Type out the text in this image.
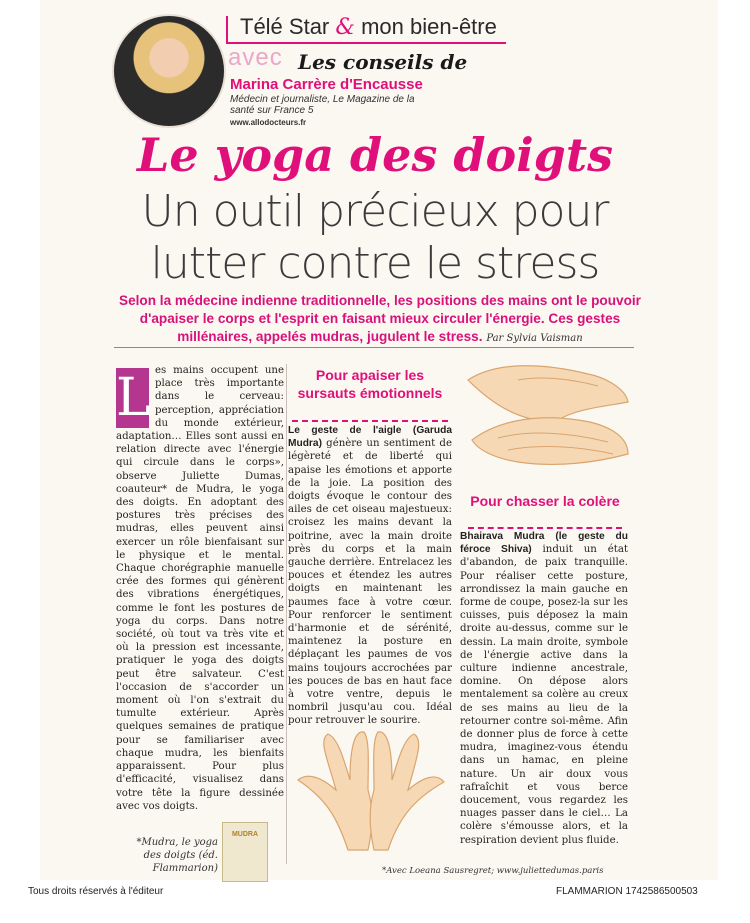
Télé Star & mon bien-être
avec Les conseils de
Marina Carrère d'Encausse
Médecin et journaliste, Le Magazine de la santé sur France 5
www.allodocteurs.fr
Le yoga des doigts
Un outil précieux pour
lutter contre le stress
Selon la médecine indienne traditionnelle, les positions des mains ont le pouvoir d'apaiser le corps et l'esprit en faisant mieux circuler l'énergie. Ces gestes millénaires, appelés mudras, jugulent le stress. Par Sylvia Vaisman
L es mains occupent une place très importante dans le cerveau: perception, appréciation du monde extérieur, adaptation… Elles sont aussi en relation directe avec l'énergie qui circule dans le corps», observe Juliette Dumas, coauteur* de Mudra, le yoga des doigts. En adoptant des postures très précises des mudras, elles peuvent ainsi exercer un rôle bienfaisant sur le physique et le mental. Chaque chorégraphie manuelle crée des formes qui génèrent des vibrations énergétiques, comme le font les postures de yoga du corps. Dans notre société, où tout va très vite et où la pression est incessante, pratiquer le yoga des doigts peut être salvateur. C'est l'occasion de s'accorder un moment où l'on s'extrait du tumulte extérieur. Après quelques semaines de pratique pour se familiariser avec chaque mudra, les bienfaits apparaissent. Pour plus d'efficacité, visualisez dans votre tête la figure dessinée avec vos doigts.
Pour apaiser les sursauts émotionnels
Le geste de l'aigle (Garuda Mudra) génère un sentiment de légèreté et de liberté qui apaise les émotions et apporte de la joie. La position des doigts évoque le contour des ailes de cet oiseau majestueux: croisez les mains devant la poitrine, avec la main droite près du corps et la main gauche derrière. Entrelacez les pouces et étendez les autres doigts en maintenant les paumes face à votre cœur. Pour renforcer le sentiment d'harmonie et de sérénité, maintenez la posture en déplaçant les paumes de vos mains toujours accrochées par les pouces de bas en haut face à votre ventre, depuis le nombril jusqu'au cou. Idéal pour retrouver le sourire.
Pour chasser la colère
Bhairava Mudra (le geste du féroce Shiva) induit un état d'abandon, de paix tranquille. Pour réaliser cette posture, arrondissez la main gauche en forme de coupe, posez-la sur les cuisses, puis déposez la main droite au-dessus, comme sur le dessin. La main droite, symbole de l'énergie active dans la culture indienne ancestrale, domine. On dépose alors mentalement sa colère au creux de ses mains au lieu de la retourner contre soi-même. Afin de donner plus de force à cette mudra, imaginez-vous étendu dans un hamac, en pleine nature. Un air doux vous rafraîchit et vous berce doucement, vous regardez les nuages passer dans le ciel… La colère s'émousse alors, et la respiration devient plus fluide.
*Mudra, le yoga des doigts (éd. Flammarion)
MUDRA
*Avec Loeana Sausregret; www.juliettedumas.paris
Tous droits réservés à l'éditeur	FLAMMARION 1742586500503
